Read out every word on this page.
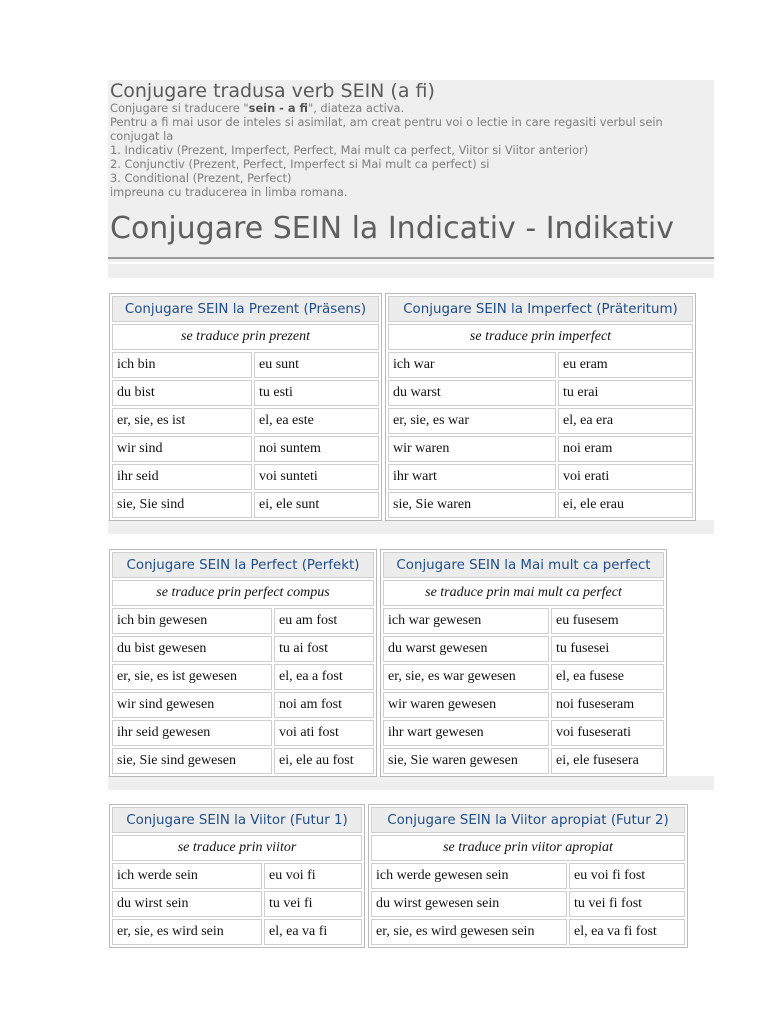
Conjugare tradusa verb SEIN (a fi)
Conjugare si traducere "sein - a fi", diateza activa.
Pentru a fi mai usor de inteles si asimilat, am creat pentru voi o lectie in care regasiti verbul sein
conjugat la
1. Indicativ (Prezent, Imperfect, Perfect, Mai mult ca perfect, Viitor si Viitor anterior)
2. Conjunctiv (Prezent, Perfect, Imperfect si Mai mult ca perfect) si
3. Conditional (Prezent, Perfect)
impreuna cu traducerea in limba romana.
Conjugare SEIN la Indicativ - Indikativ
Conjugare SEIN la Prezent (Präsens)	
se traduce prin prezent	
ich bin	eu sunt
du bist	tu esti
er, sie, es ist	el, ea este
wir sind	noi suntem
ihr seid	voi sunteti
sie, Sie sind	ei, ele sunt
Conjugare SEIN la Imperfect (Präteritum)	
se traduce prin imperfect	
ich war	eu eram
du warst	tu erai
er, sie, es war	el, ea era
wir waren	noi eram
ihr wart	voi erati
sie, Sie waren	ei, ele erau
Conjugare SEIN la Perfect (Perfekt)	
se traduce prin perfect compus	
ich bin gewesen	eu am fost
du bist gewesen	tu ai fost
er, sie, es ist gewesen	el, ea a fost
wir sind gewesen	noi am fost
ihr seid gewesen	voi ati fost
sie, Sie sind gewesen	ei, ele au fost
Conjugare SEIN la Mai mult ca perfect	
se traduce prin mai mult ca perfect	
ich war gewesen	eu fusesem
du warst gewesen	tu fusesei
er, sie, es war gewesen	el, ea fusese
wir waren gewesen	noi fuseseram
ihr wart gewesen	voi fuseserati
sie, Sie waren gewesen	ei, ele fusesera
Conjugare SEIN la Viitor (Futur 1)	
se traduce prin viitor	
ich werde sein	eu voi fi
du wirst sein	tu vei fi
er, sie, es wird sein	el, ea va fi
Conjugare SEIN la Viitor apropiat (Futur 2)	
se traduce prin viitor apropiat	
ich werde gewesen sein	eu voi fi fost
du wirst gewesen sein	tu vei fi fost
er, sie, es wird gewesen sein	el, ea va fi fost
